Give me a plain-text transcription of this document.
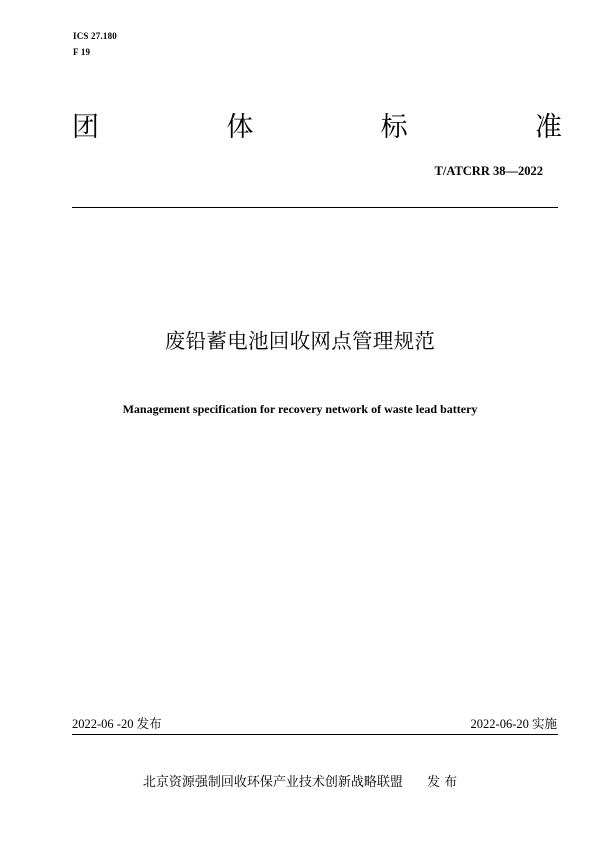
ICS 27.180
F 19
团	体	标	准
T/ATCRR 38—2022
废铅蓄电池回收网点管理规范
Management specification for recovery network of waste lead battery
2022-06 -20 发布	2022-06-20 实施
北京资源强制回收环保产业技术创新战略联盟 发 布
